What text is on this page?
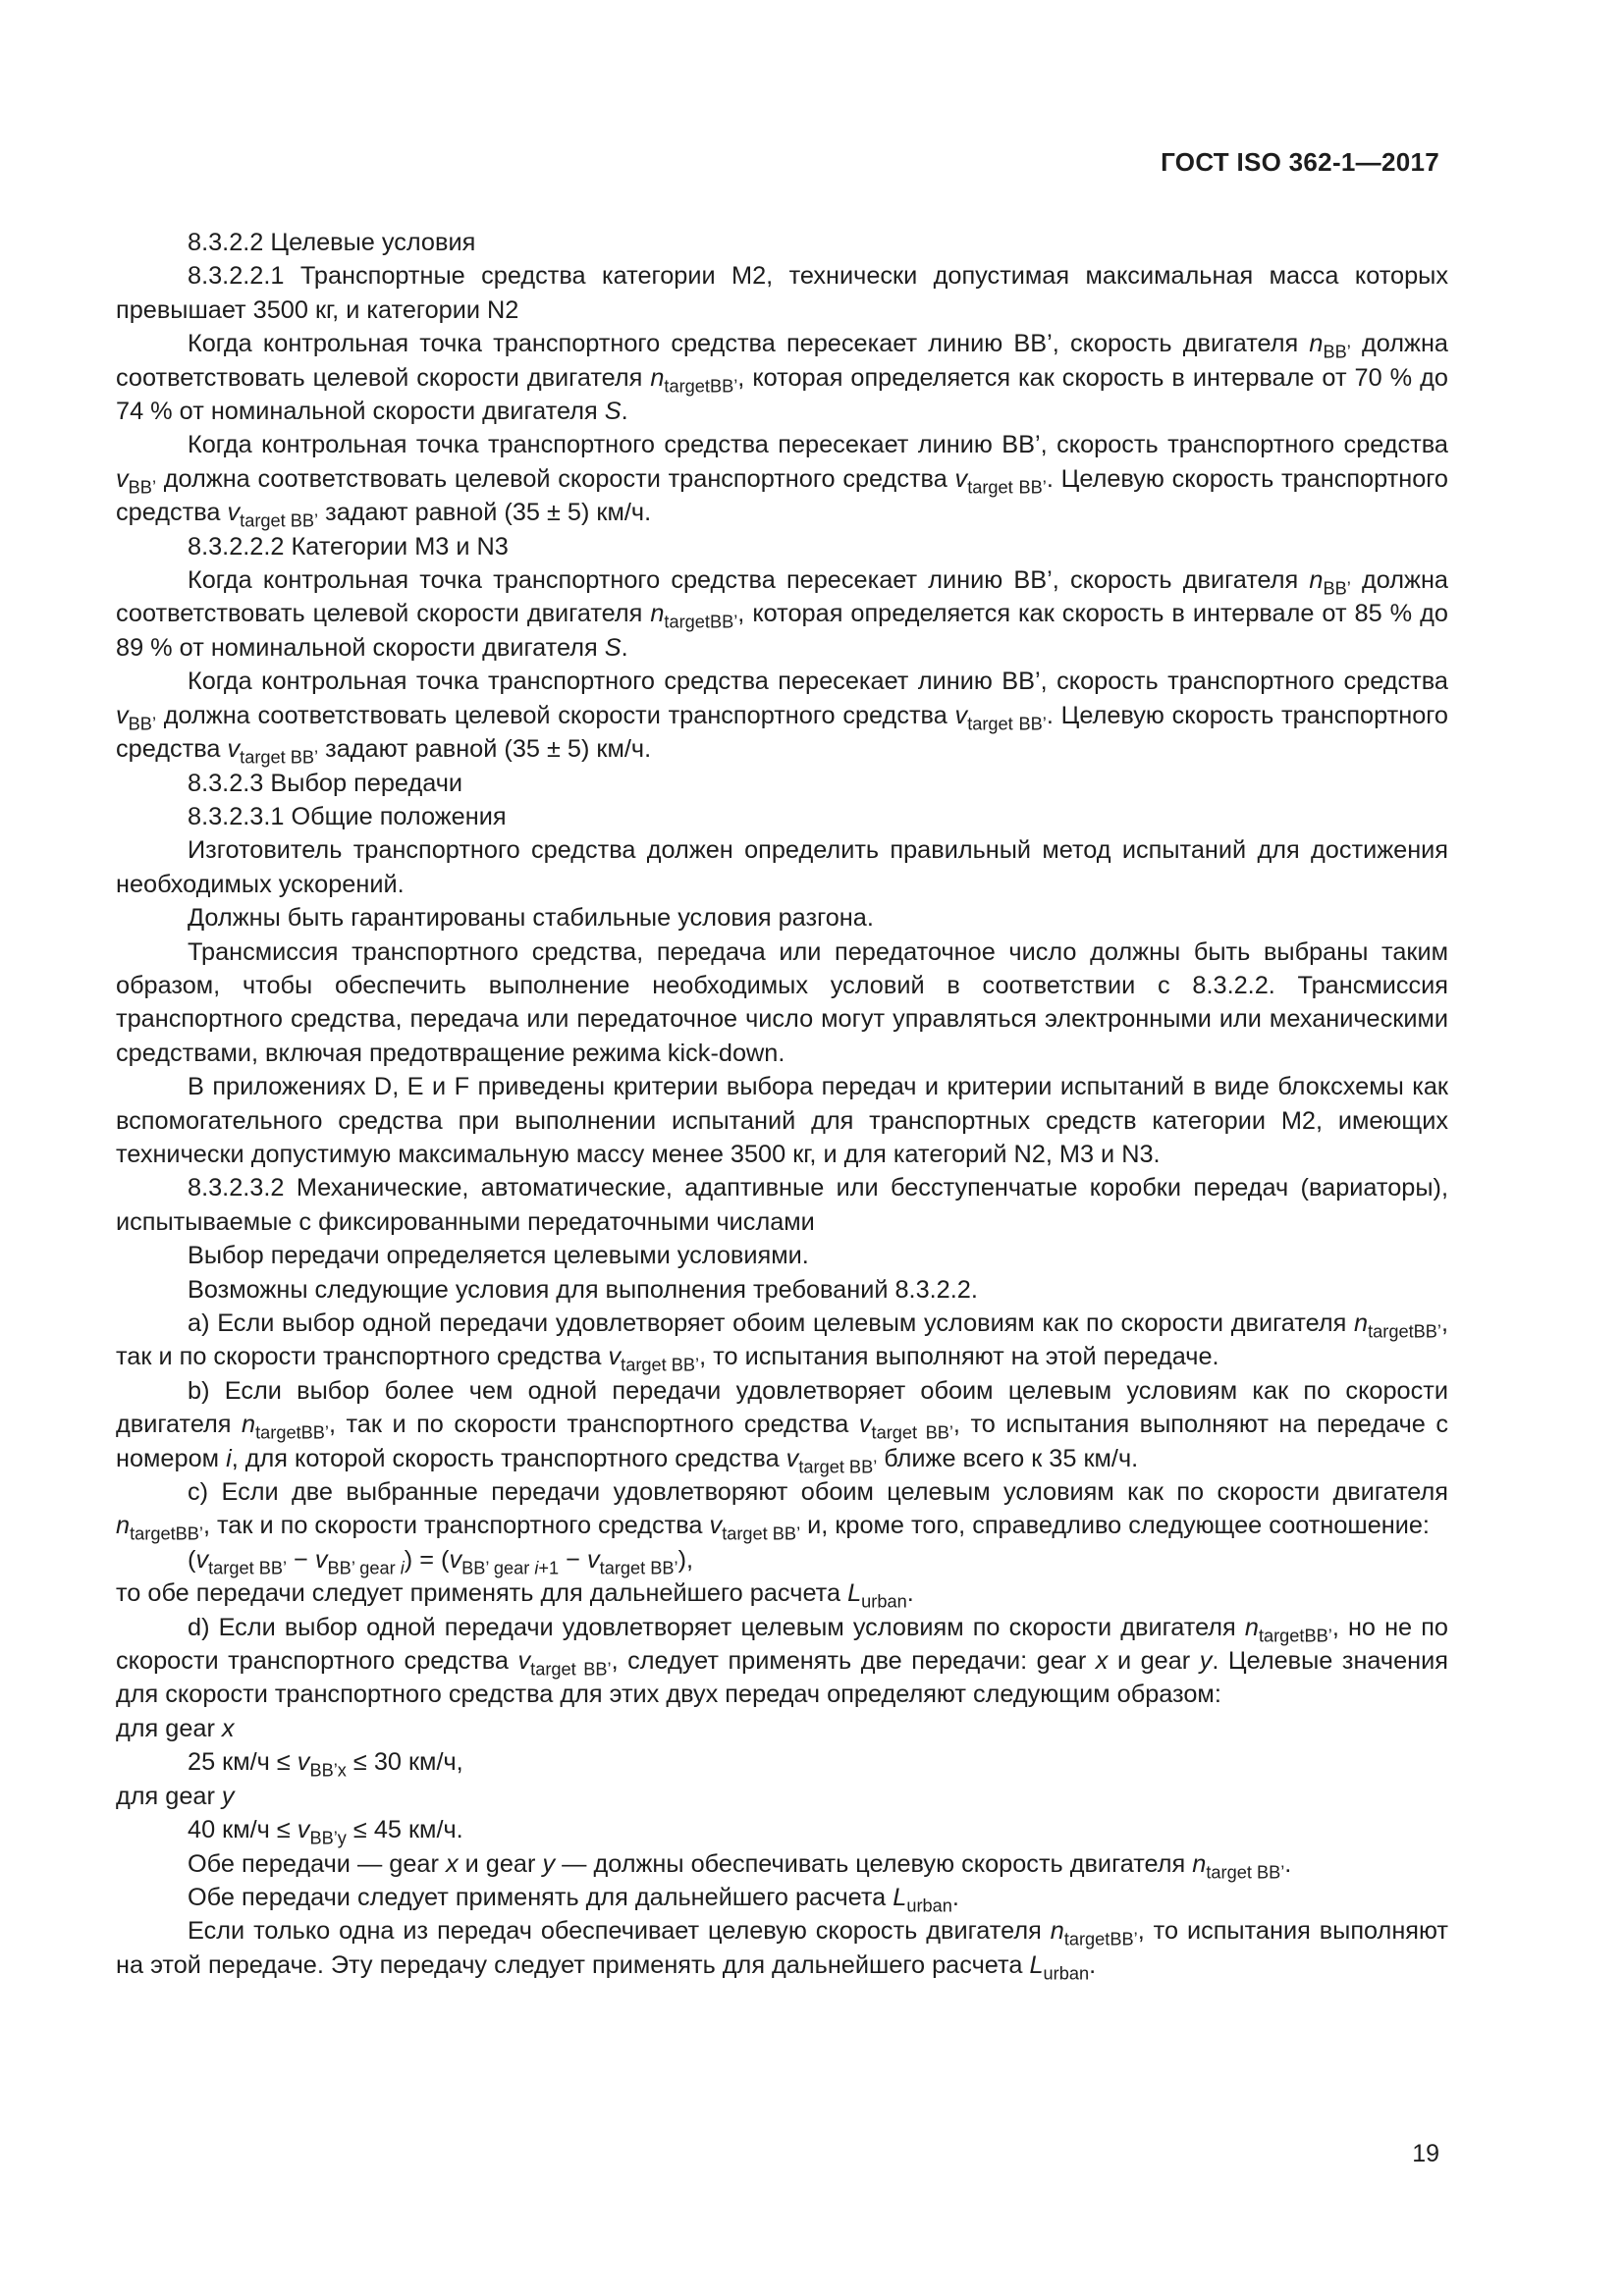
ГОСТ ISO 362-1—2017

8.3.2.2 Целевые условия

8.3.2.2.1 Транспортные средства категории M2, технически допустимая максимальная масса которых превышает 3500 кг, и категории N2

Когда контрольная точка транспортного средства пересекает линию BB’, скорость двигателя $n_{BB’}$ должна соответствовать целевой скорости двигателя $n_{targetBB’}$, которая определяется как скорость в интервале от 70 % до 74 % от номинальной скорости двигателя S.

Когда контрольная точка транспортного средства пересекает линию BB’, скорость транспортного средства $v_{BB’}$ должна соответствовать целевой скорости транспортного средства $v_{target BB’}$. Целевую скорость транспортного средства $v_{target BB’}$ задают равной (35 ± 5) км/ч.

8.3.2.2.2 Категории M3 и N3

Когда контрольная точка транспортного средства пересекает линию BB’, скорость двигателя $n_{BB’}$ должна соответствовать целевой скорости двигателя $n_{targetBB’}$, которая определяется как скорость в интервале от 85 % до 89 % от номинальной скорости двигателя S.

Когда контрольная точка транспортного средства пересекает линию BB’, скорость транспортного средства $v_{BB’}$ должна соответствовать целевой скорости транспортного средства $v_{target BB’}$. Целевую скорость транспортного средства $v_{target BB’}$ задают равной (35 ± 5) км/ч.

8.3.2.3 Выбор передачи

8.3.2.3.1 Общие положения

Изготовитель транспортного средства должен определить правильный метод испытаний для достижения необходимых ускорений.

Должны быть гарантированы стабильные условия разгона.

Трансмиссия транспортного средства, передача или передаточное число должны быть выбраны таким образом, чтобы обеспечить выполнение необходимых условий в соответствии с 8.3.2.2. Трансмиссия транспортного средства, передача или передаточное число могут управляться электронными или механическими средствами, включая предотвращение режима kick-down.

В приложениях D, E и F приведены критерии выбора передач и критерии испытаний в виде блоксхемы как вспомогательного средства при выполнении испытаний для транспортных средств категории M2, имеющих технически допустимую максимальную массу менее 3500 кг, и для категорий N2, M3 и N3.

8.3.2.3.2 Механические, автоматические, адаптивные или бесступенчатые коробки передач (вариаторы), испытываемые с фиксированными передаточными числами

Выбор передачи определяется целевыми условиями.

Возможны следующие условия для выполнения требований 8.3.2.2.

a) Если выбор одной передачи удовлетворяет обоим целевым условиям как по скорости двигателя $n_{targetBB’}$, так и по скорости транспортного средства $v_{target BB’}$, то испытания выполняют на этой передаче.

b) Если выбор более чем одной передачи удовлетворяет обоим целевым условиям как по скорости двигателя $n_{targetBB’}$, так и по скорости транспортного средства $v_{target BB’}$, то испытания выполняют на передаче с номером i, для которой скорость транспортного средства $v_{target BB’}$ ближе всего к 35 км/ч.

c) Если две выбранные передачи удовлетворяют обоим целевым условиям как по скорости двигателя $n_{targetBB’}$, так и по скорости транспортного средства $v_{target BB’}$ и, кроме того, справедливо следующее соотношение:

$(v_{target BB’} - v_{BB’ gear i}) = (v_{BB’ gear i+1} - v_{target BB’})$,

то обе передачи следует применять для дальнейшего расчета $L_{urban}$.

d) Если выбор одной передачи удовлетворяет целевым условиям по скорости двигателя $n_{targetBB’}$, но не по скорости транспортного средства $v_{target BB’}$, следует применять две передачи: gear x и gear y. Целевые значения для скорости транспортного средства для этих двух передач определяют следующим образом:

для gear x

25 $км/ч \le v_{BB’x} \le 30$ км/ч,

для gear y

40 $км/ч \le v_{BB’y} \le 45$ км/ч.

Обе передачи — gear x и gear y — должны обеспечивать целевую скорость двигателя $n_{target BB’}$.

Обе передачи следует применять для дальнейшего расчета $L_{urban}$.

Если только одна из передач обеспечивает целевую скорость двигателя $n_{targetBB’}$, то испытания выполняют на этой передаче. Эту передачу следует применять для дальнейшего расчета $L_{urban}$.

19
